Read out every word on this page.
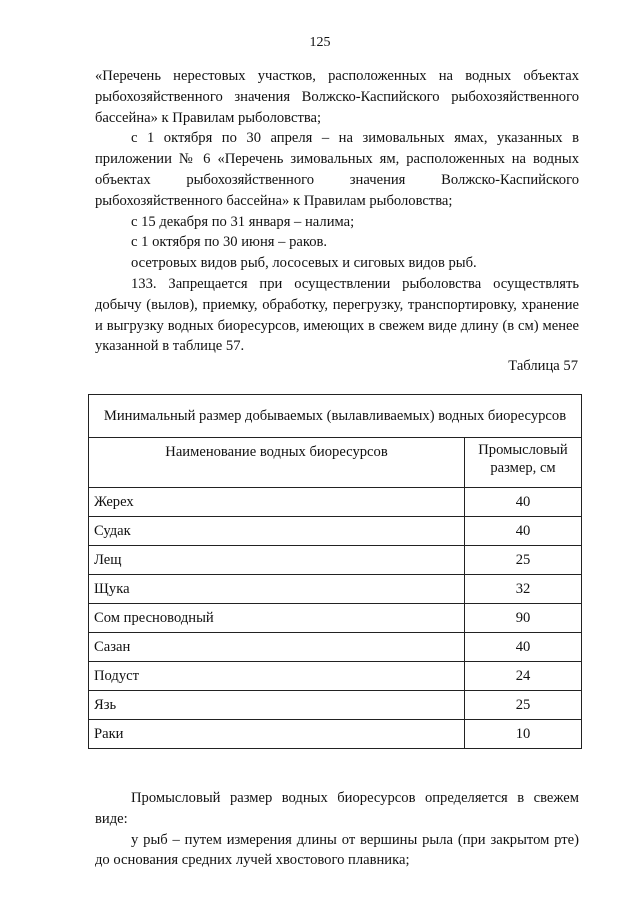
125

«Перечень нерестовых участков, расположенных на водных объектах рыбохозяйственного значения Волжско-Каспийского рыбохозяйственного бассейна» к Правилам рыболовства;

с 1 октября по 30 апреля – на зимовальных ямах, указанных в приложении № 6 «Перечень зимовальных ям, расположенных на водных объектах рыбохозяйственного значения Волжско-Каспийского рыбохозяйственного бассейна» к Правилам рыболовства;

с 15 декабря по 31 января – налима;

с 1 октября по 30 июня – раков.

осетровых видов рыб, лососевых и сиговых видов рыб.

133. Запрещается при осуществлении рыболовства осуществлять добычу (вылов), приемку, обработку, перегрузку, транспортировку, хранение и выгрузку водных биоресурсов, имеющих в свежем виде длину (в см) менее указанной в таблице 57.

Таблица 57
Минимальный размер добываемых (вылавливаемых) водных биоресурсов	
Наименование водных биоресурсов	Промысловый размер, см
Жерех	40
Судак	40
Лещ	25
Щука	32
Сом пресноводный	90
Сазан	40
Подуст	24
Язь	25
Раки	10

Промысловый размер водных биоресурсов определяется в свежем виде:

у рыб – путем измерения длины от вершины рыла (при закрытом рте) до основания средних лучей хвостового плавника;
